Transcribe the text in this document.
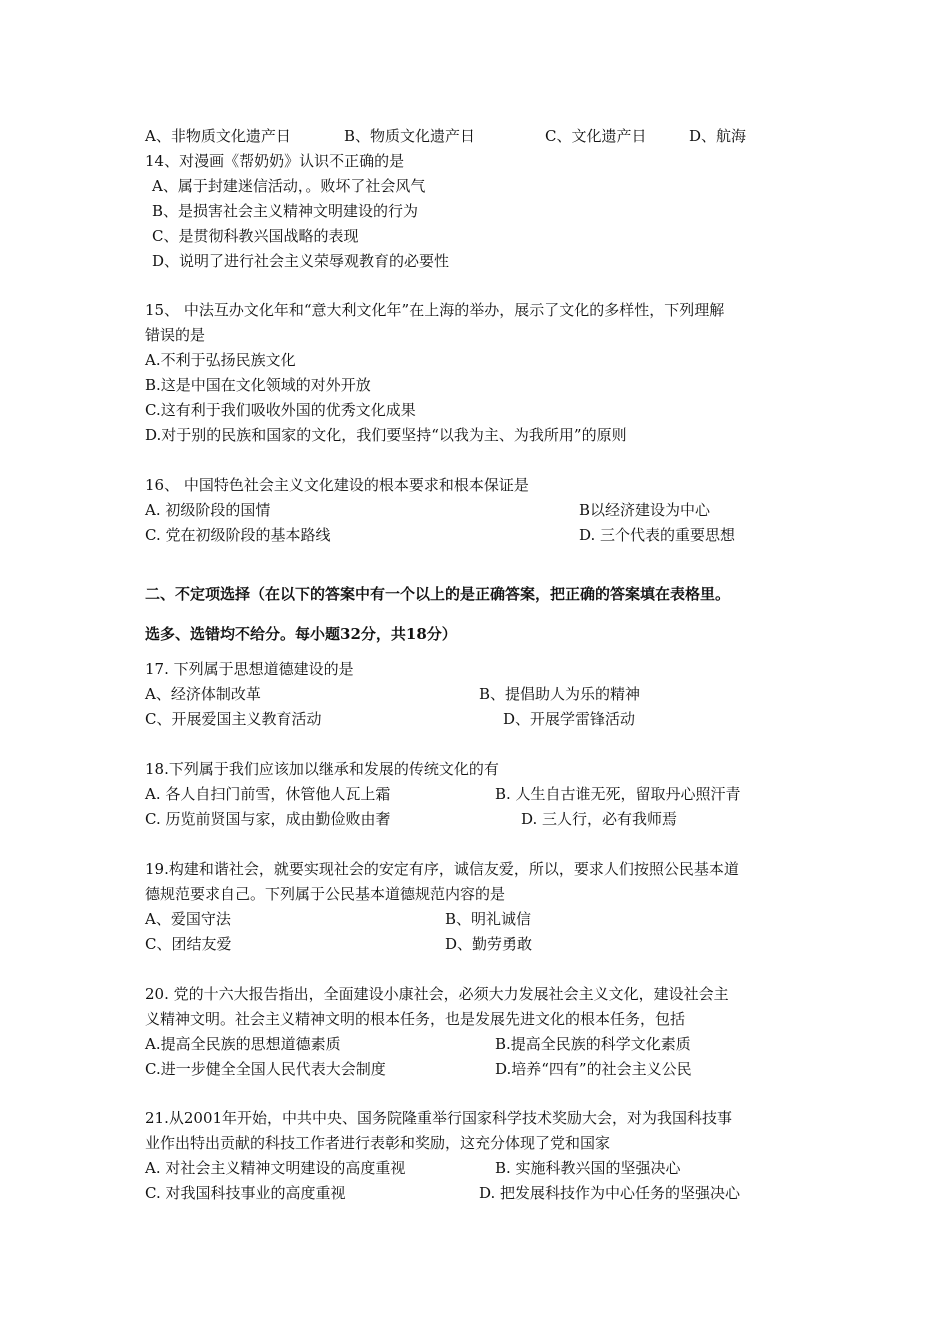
A、非物质文化遗产日	B、物质文化遗产日	C、文化遗产日	D、航海
14、对漫画《帮奶奶》认识不正确的是
A、属于封建迷信活动，。败坏了社会风气
B、是损害社会主义精神文明建设的行为
C、是贯彻科教兴国战略的表现
D、说明了进行社会主义荣辱观教育的必要性
15、 中法互办文化年和“意大利文化年”在上海的举办，展示了文化的多样性，下列理解
错误的是
A.不利于弘扬民族文化
B.这是中国在文化领域的对外开放
C.这有利于我们吸收外国的优秀文化成果
D.对于别的民族和国家的文化，我们要坚持“以我为主、为我所用”的原则
16、 中国特色社会主义文化建设的根本要求和根本保证是
A. 初级阶段的国情	B以经济建设为中心
C. 党在初级阶段的基本路线	D. 三个代表的重要思想
二、不定项选择（在以下的答案中有一个以上的是正确答案，把正确的答案填在表格里。
选多、选错均不给分。每小题32分，共18分）
17. 下列属于思想道德建设的是
A、经济体制改革	B、提倡助人为乐的精神
C、开展爱国主义教育活动	D、开展学雷锋活动
18.下列属于我们应该加以继承和发展的传统文化的有
A. 各人自扫门前雪，休管他人瓦上霜	B. 人生自古谁无死，留取丹心照汗青
C. 历览前贤国与家，成由勤俭败由奢	D. 三人行，必有我师焉
19.构建和谐社会，就要实现社会的安定有序，诚信友爱，所以，要求人们按照公民基本道
德规范要求自己。下列属于公民基本道德规范内容的是
A、爱国守法	B、明礼诚信
C、团结友爱	D、勤劳勇敢
20. 党的十六大报告指出，全面建设小康社会，必须大力发展社会主义文化，建设社会主
义精神文明。社会主义精神文明的根本任务，也是发展先进文化的根本任务，包括
A.提高全民族的思想道德素质	B.提高全民族的科学文化素质
C.进一步健全全国人民代表大会制度	D.培养“四有”的社会主义公民
21.从2001年开始，中共中央、国务院隆重举行国家科学技术奖励大会，对为我国科技事
业作出特出贡献的科技工作者进行表彰和奖励，这充分体现了党和国家
A. 对社会主义精神文明建设的高度重视	B. 实施科教兴国的坚强决心
C. 对我国科技事业的高度重视	D. 把发展科技作为中心任务的坚强决心
